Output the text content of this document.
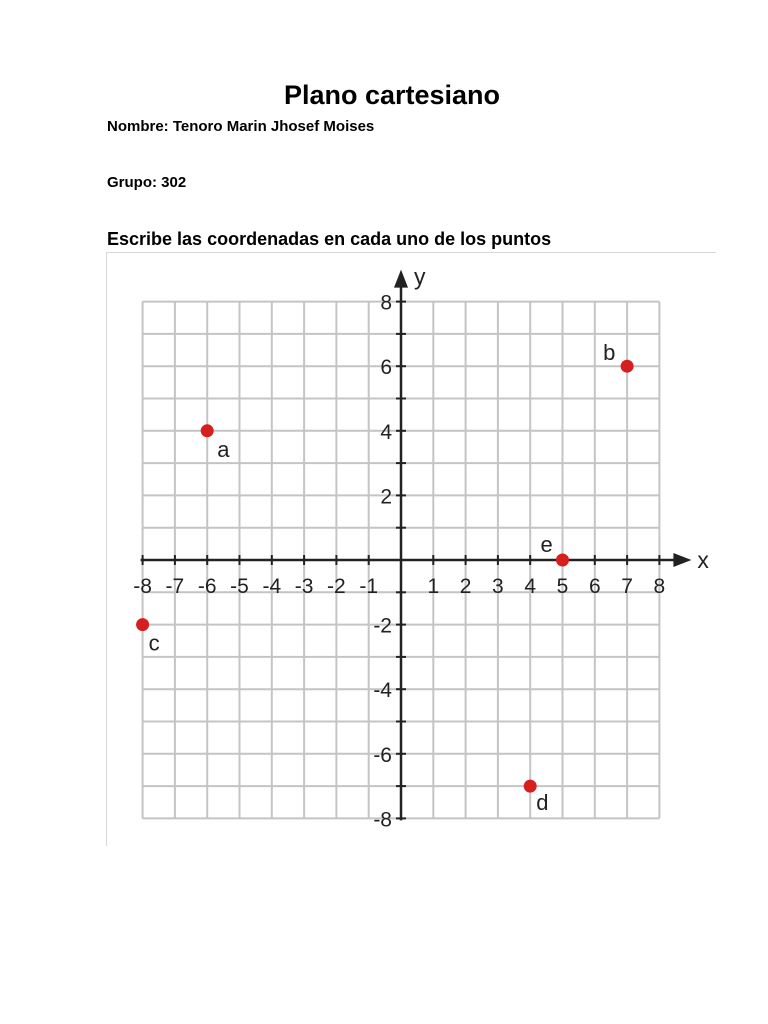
Plano cartesiano
Nombre: Tenoro Marin Jhosef Moises
Grupo: 302
Escribe las coordenadas en cada uno de los puntos
x
y
-8 -7 -6 -5 -4 -3 -2 -1 1 2 3 4 5 6 7 8
8
6
4
2
-2
-4
-6
-8
a
b
c
d
e
